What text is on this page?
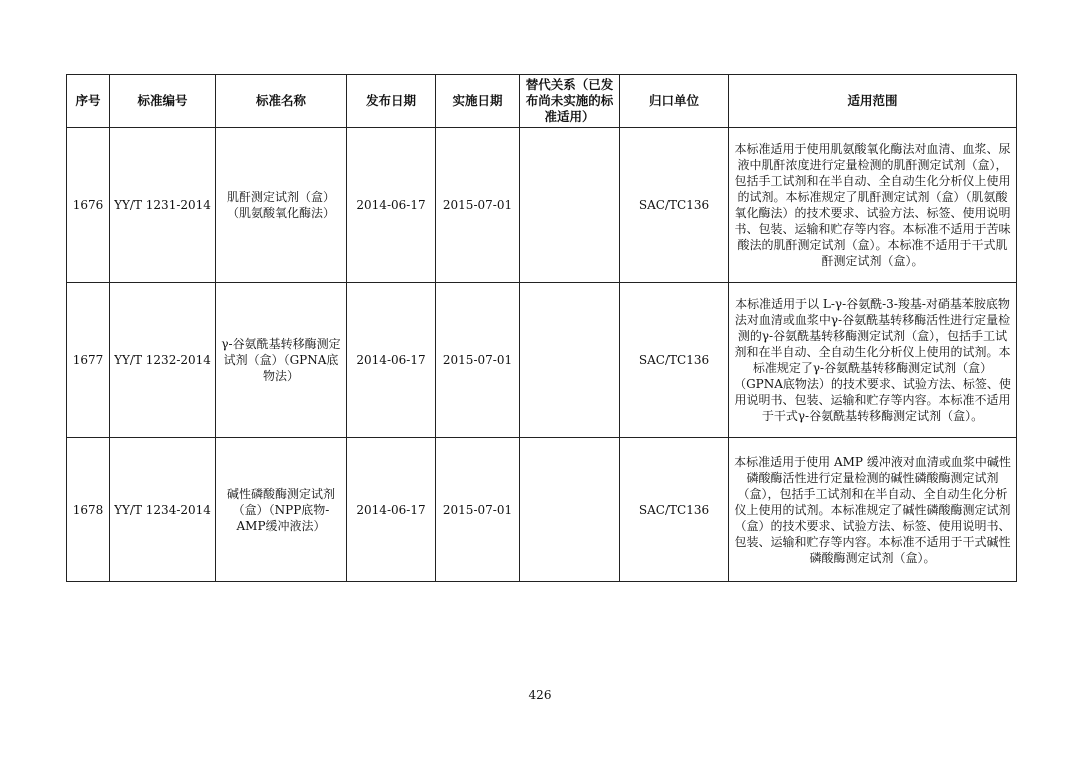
序号	标准编号	标准名称	发布日期	实施日期	替代关系（已发布尚未实施的标准适用）	归口单位	适用范围
1676	YY/T 1231-2014	肌酐测定试剂（盒）（肌氨酸氧化酶法）	2014-06-17	2015-07-01		SAC/TC136	本标准适用于使用肌氨酸氧化酶法对血清、血浆、尿液中肌酐浓度进行定量检测的肌酐测定试剂（盒），包括手工试剂和在半自动、全自动生化分析仪上使用的试剂。本标准规定了肌酐测定试剂（盒）（肌氨酸氧化酶法）的技术要求、试验方法、标签、使用说明书、包装、运输和贮存等内容。本标准不适用于苦味酸法的肌酐测定试剂（盒）。本标准不适用于干式肌酐测定试剂（盒）。
1677	YY/T 1232-2014	γ-谷氨酰基转移酶测定试剂（盒）（GPNA底物法）	2014-06-17	2015-07-01		SAC/TC136	本标准适用于以 L-γ-谷氨酰-3-羧基-对硝基苯胺底物法对血清或血浆中γ-谷氨酰基转移酶活性进行定量检测的γ-谷氨酰基转移酶测定试剂（盒），包括手工试剂和在半自动、全自动生化分析仪上使用的试剂。本标准规定了γ-谷氨酰基转移酶测定试剂（盒）（GPNA底物法）的技术要求、试验方法、标签、使用说明书、包装、运输和贮存等内容。本标准不适用于干式γ-谷氨酰基转移酶测定试剂（盒）。
1678	YY/T 1234-2014	碱性磷酸酶测定试剂（盒）（NPP底物-AMP缓冲液法）	2014-06-17	2015-07-01		SAC/TC136	本标准适用于使用 AMP 缓冲液对血清或血浆中碱性磷酸酶活性进行定量检测的碱性磷酸酶测定试剂（盒），包括手工试剂和在半自动、全自动生化分析仪上使用的试剂。本标准规定了碱性磷酸酶测定试剂（盒）的技术要求、试验方法、标签、使用说明书、包装、运输和贮存等内容。本标准不适用于干式碱性磷酸酶测定试剂（盒）。
426
